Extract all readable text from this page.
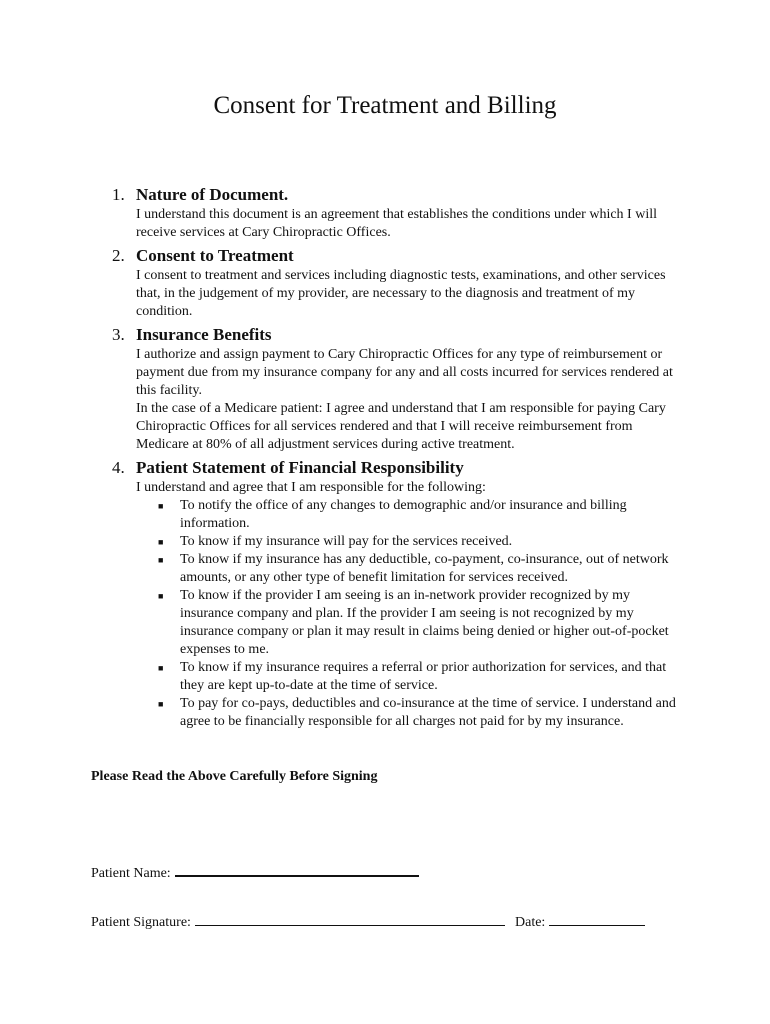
Consent for Treatment and Billing
1. Nature of Document.

I understand this document is an agreement that establishes the conditions under which I will receive services at Cary Chiropractic Offices.

2. Consent to Treatment

I consent to treatment and services including diagnostic tests, examinations, and other services that, in the judgement of my provider, are necessary to the diagnosis and treatment of my condition.

3. Insurance Benefits

I authorize and assign payment to Cary Chiropractic Offices for any type of reimbursement or payment due from my insurance company for any and all costs incurred for services rendered at this facility.

In the case of a Medicare patient: I agree and understand that I am responsible for paying Cary Chiropractic Offices for all services rendered and that I will receive reimbursement from Medicare at 80% of all adjustment services during active treatment.

4. Patient Statement of Financial Responsibility

I understand and agree that I am responsible for the following:

■	To notify the office of any changes to demographic and/or insurance and billing information.
■	To know if my insurance will pay for the services received.
■	To know if my insurance has any deductible, co-payment, co-insurance, out of network amounts, or any other type of benefit limitation for services received.
■	To know if the provider I am seeing is an in-network provider recognized by my insurance company and plan. If the provider I am seeing is not recognized by my insurance company or plan it may result in claims being denied or higher out-of-pocket expenses to me.
■	To know if my insurance requires a referral or prior authorization for services, and that they are kept up-to-date at the time of service.
■	To pay for co-pays, deductibles and co-insurance at the time of service. I understand and agree to be financially responsible for all charges not paid for by my insurance.

Please Read the Above Carefully Before Signing

Patient Name:
Patient Signature:	Date:
